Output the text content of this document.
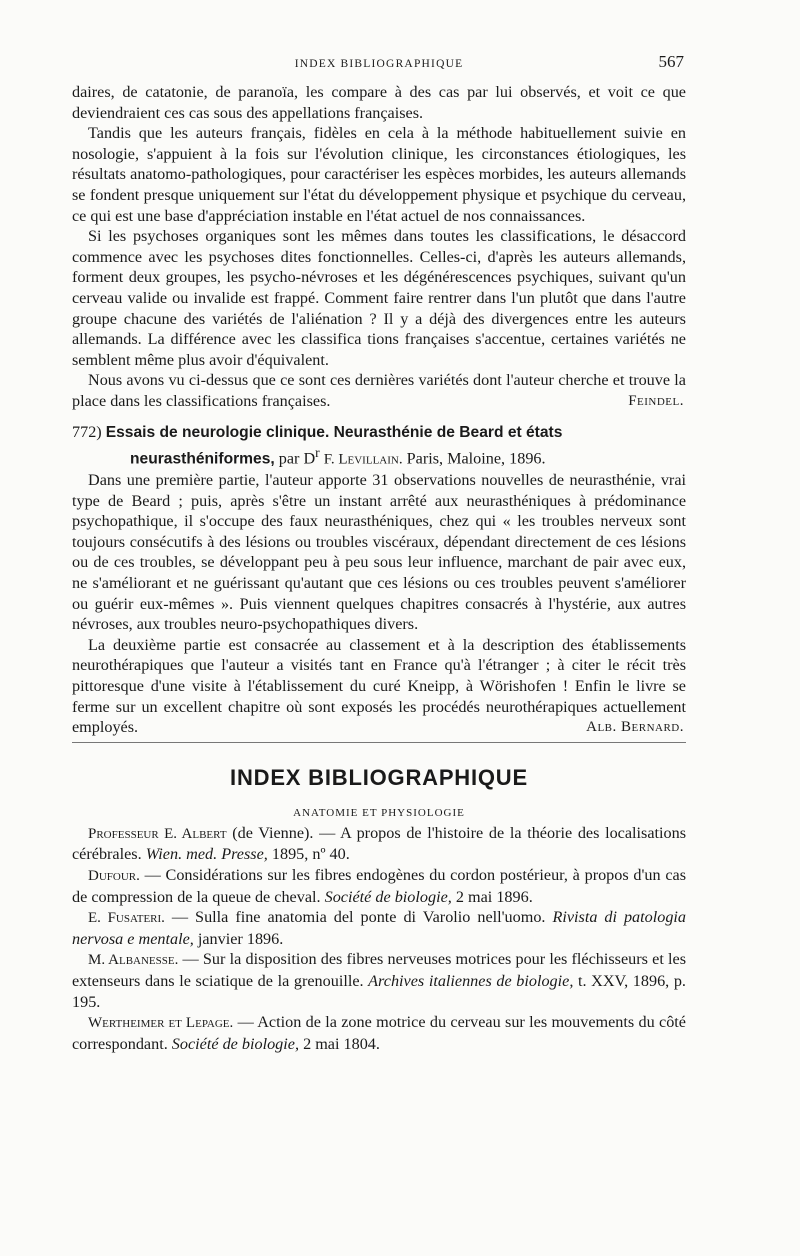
INDEX BIBLIOGRAPHIQUE	567

daires, de catatonie, de paranoïa, les compare à des cas par lui observés, et voit ce que deviendraient ces cas sous des appellations françaises.

Tandis que les auteurs français, fidèles en cela à la méthode habituellement suivie en nosologie, s'appuient à la fois sur l'évolution clinique, les circonstances étiologiques, les résultats anatomo-pathologiques, pour caractériser les espèces morbides, les auteurs allemands se fondent presque uniquement sur l'état du développement physique et psychique du cerveau, ce qui est une base d'appréciation instable en l'état actuel de nos connaissances.

Si les psychoses organiques sont les mêmes dans toutes les classifications, le désaccord commence avec les psychoses dites fonctionnelles. Celles-ci, d'après les auteurs allemands, forment deux groupes, les psycho-névroses et les dégénérescences psychiques, suivant qu'un cerveau valide ou invalide est frappé. Comment faire rentrer dans l'un plutôt que dans l'autre groupe chacune des variétés de l'aliénation ? Il y a déjà des divergences entre les auteurs allemands. La différence avec les classifica tions françaises s'accentue, certaines variétés ne semblent même plus avoir d'équivalent.

Nous avons vu ci-dessus que ce sont ces dernières variétés dont l'auteur cherche et trouve la place dans les classifications françaises.	Feindel.

772) Essais de neurologie clinique. Neurasthénie de Beard et états
neurasthéniformes, par $D^r$ F. Levillain. Paris, Maloine, 1896.

Dans une première partie, l'auteur apporte 31 observations nouvelles de neurasthénie, vrai type de Beard ; puis, après s'être un instant arrêté aux neurasthéniques à prédominance psychopathique, il s'occupe des faux neurasthéniques, chez qui « les troubles nerveux sont toujours consécutifs à des lésions ou troubles viscéraux, dépendant directement de ces lésions ou de ces troubles, se développant peu à peu sous leur influence, marchant de pair avec eux, ne s'améliorant et ne guérissant qu'autant que ces lésions ou ces troubles peuvent s'améliorer ou guérir eux-mêmes ». Puis viennent quelques chapitres consacrés à l'hystérie, aux autres névroses, aux troubles neuro-psychopathiques divers.

La deuxième partie est consacrée au classement et à la description des établissements neurothérapiques que l'auteur a visités tant en France qu'à l'étranger ; à citer le récit très pittoresque d'une visite à l'établissement du curé Kneipp, à Wörishofen ! Enfin le livre se ferme sur un excellent chapitre où sont exposés les procédés neurothérapiques actuellement employés.	Alb. Bernard.
INDEX BIBLIOGRAPHIQUE
ANATOMIE ET PHYSIOLOGIE

Professeur E. Albert (de Vienne). — A propos de l'histoire de la théorie des localisations cérébrales. Wien. med. Presse, 1895, nº 40.

Dufour. — Considérations sur les fibres endogènes du cordon postérieur, à propos d'un cas de compression de la queue de cheval. Société de biologie, 2 mai 1896.

E. Fusateri. — Sulla fine anatomia del ponte di Varolio nell'uomo. Rivista di patologia nervosa e mentale, janvier 1896.

M. Albanesse. — Sur la disposition des fibres nerveuses motrices pour les fléchisseurs et les extenseurs dans le sciatique de la grenouille. Archives italiennes de biologie, t. XXV, 1896, p. 195.

Wertheimer et Lepage. — Action de la zone motrice du cerveau sur les mouvements du côté correspondant. Société de biologie, 2 mai 1804.
